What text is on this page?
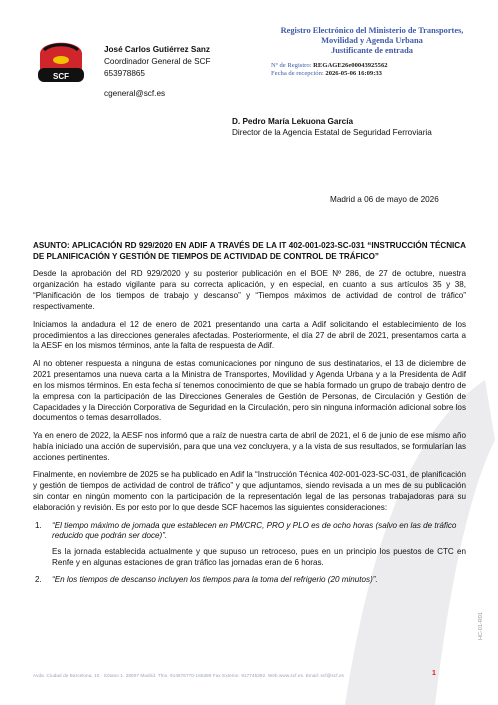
SCF
José Carlos Gutiérrez Sanz
Coordinador General de SCF
653978865
cgeneral@scf.es
Registro Electrónico del Ministerio de Transportes,
Movilidad y Agenda Urbana
Justificante de entrada
Nº de Registro: REGAGE26e00043925562
Fecha de recepción: 2026-05-06 16:09:33
D. Pedro María Lekuona García
Director de la Agencia Estatal de Seguridad Ferroviaria
Madrid a 06 de mayo de 2026

ASUNTO: APLICACIÓN RD 929/2020 EN ADIF A TRAVÉS DE LA IT 402-001-023-SC-031 “INSTRUCCIÓN TÉCNICA DE PLANIFICACIÓN Y GESTIÓN DE TIEMPOS DE ACTIVIDAD DE CONTROL DE TRÁFICO”

Desde la aprobación del RD 929/2020 y su posterior publicación en el BOE Nº 286, de 27 de octubre, nuestra organización ha estado vigilante para su correcta aplicación, y en especial, en cuanto a sus artículos 35 y 38, “Planificación de los tiempos de trabajo y descanso” y “Tiempos máximos de actividad de control de tráfico” respectivamente.

Iniciamos la andadura el 12 de enero de 2021 presentando una carta a Adif solicitando el establecimiento de los procedimientos a las direcciones generales afectadas. Posteriormente, el día 27 de abril de 2021, presentamos carta a la AESF en los mismos términos, ante la falta de respuesta de Adif.

Al no obtener respuesta a ninguna de estas comunicaciones por ninguno de sus destinatarios, el 13 de diciembre de 2021 presentamos una nueva carta a la Ministra de Transportes, Movilidad y Agenda Urbana y a la Presidenta de Adif en los mismos términos. En esta fecha sí tenemos conocimiento de que se había formado un grupo de trabajo dentro de la empresa con la participación de las Direcciones Generales de Gestión de Personas, de Circulación y Gestión de Capacidades y la Dirección Corporativa de Seguridad en la Circulación, pero sin ninguna información adicional sobre los documentos o temas desarrollados.

Ya en enero de 2022, la AESF nos informó que a raíz de nuestra carta de abril de 2021, el 6 de junio de ese mismo año había iniciado una acción de supervisión, para que una vez concluyera, y a la vista de sus resultados, se formularían las acciones pertinentes.

Finalmente, en noviembre de 2025 se ha publicado en Adif la “Instrucción Técnica 402-001-023-SC-031, de planificación y gestión de tiempos de actividad de control de tráfico” y que adjuntamos, siendo revisada a un mes de su publicación sin contar en ningún momento con la participación de la representación legal de las personas trabajadoras para su elaboración y revisión. Es por esto por lo que desde SCF hacemos las siguientes consideraciones:

1. “El tiempo máximo de jornada que establecen en PM/CRC, PRO y PLO es de ocho horas (salvo en las de tráfico reducido que podrán ser doce)”.
Es la jornada establecida actualmente y que supuso un retroceso, pues en un principio los puestos de CTC en Renfe y en algunas estaciones de gran tráfico las jornadas eran de 6 horas.
2. “En los tiempos de descanso incluyen los tiempos para la toma del refrigerio (20 minutos)”.
Avda. Ciudad de Barcelona, 10 · Sótano 1. 28007 Madrid. Tfno. 914676770-165386 Fax Exterior. 917745392. Web www.scf.es. Email: scf@scf.es	1
HC-01-R01
